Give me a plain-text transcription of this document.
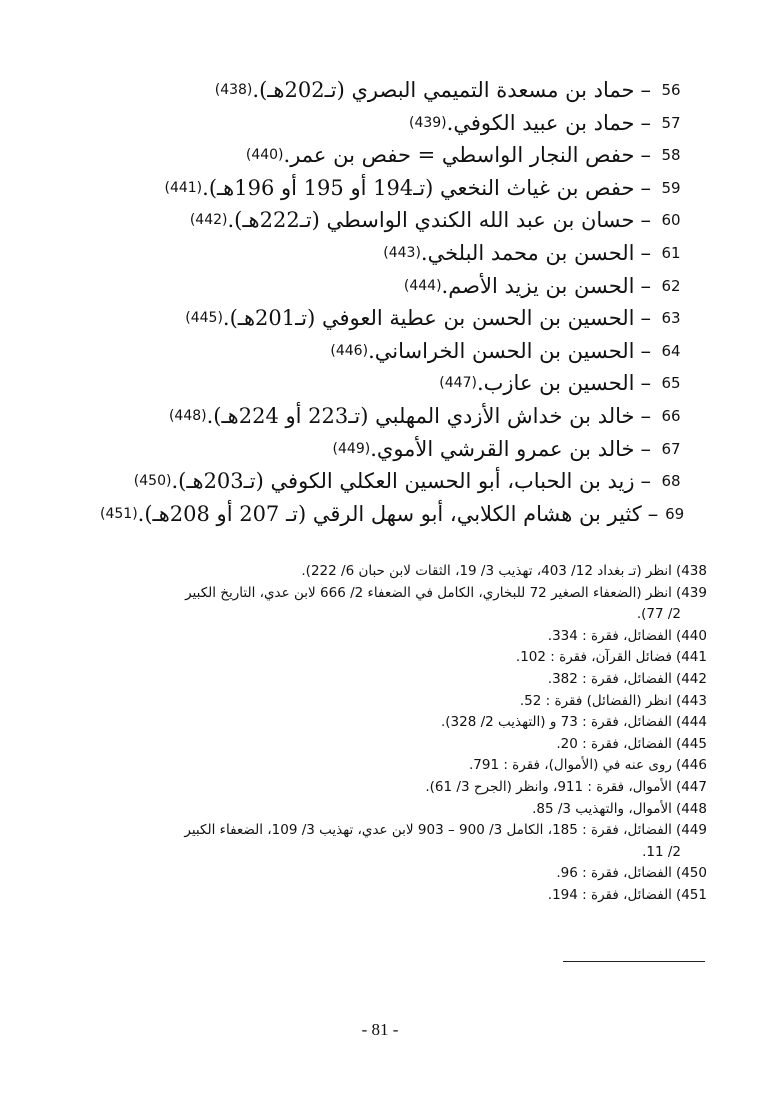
56
–
حماد بن مسعدة التميمي البصري (تـ202هـ).
(438)
57
–
حماد بن عبيد الكوفي.
(439)
58
–
حفص النجار الواسطي = حفص بن عمر.
(440)
59
–
حفص بن غياث النخعي (تـ194 أو 195 أو 196هـ).
(441)
60
–
حسان بن عبد الله الكندي الواسطي (تـ222هـ).
(442)
61
–
الحسن بن محمد البلخي.
(443)
62
–
الحسن بن يزيد الأصم.
(444)
63
–
الحسين بن الحسن بن عطية العوفي (تـ201هـ).
(445)
64
–
الحسين بن الحسن الخراساني.
(446)
65
–
الحسين بن عازب.
(447)
66
–
خالد بن خداش الأزدي المهلبي (تـ223 أو 224هـ).
(448)
67
–
خالد بن عمرو القرشي الأموي.
(449)
68
–
زيد بن الحباب، أبو الحسين العكلي الكوفي (تـ203هـ).
(450)
69
–
كثير بن هشام الكلابي، أبو سهل الرقي (تـ 207 أو 208هـ).
(451)
438)انظر (تـ بغداد 12/ 403، تهذيب 3/ 19، الثقات لابن حبان 6/ 222).
439)انظر (الضعفاء الصغير 72 للبخاري، الكامل في الضعفاء 2/ 666 لابن عدي، التاريخ الكبير
2/ 77).
440)الفضائل، فقرة : 334.
441)فضائل القرآن، فقرة : 102.
442)الفضائل، فقرة : 382.
443)انظر (الفضائل) فقرة : 52.
444)الفضائل، فقرة : 73 و (التهذيب 2/ 328).
445)الفضائل، فقرة : 20.
446)روى عنه في (الأموال)، فقرة : 791.
447)الأموال، فقرة : 911، وانظر (الجرح 3/ 61).
448)الأموال، والتهذيب 3/ 85.
449)الفضائل، فقرة : 185، الكامل 3/ 900 – 903 لابن عدي، تهذيب 3/ 109، الضعفاء الكبير
2/ 11.
450)الفضائل، فقرة : 96.
451)الفضائل، فقرة : 194.
- 81 -
